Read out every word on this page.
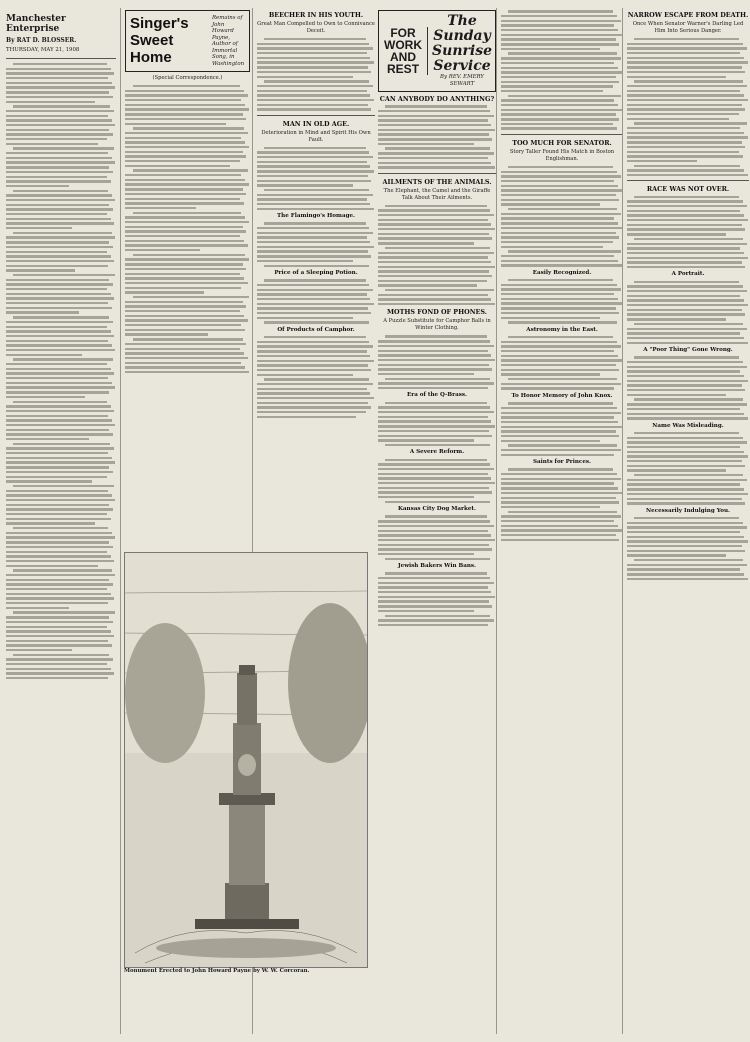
Manchester Enterprise
By RAT D. BLOSSER.
THURSDAY, MAY 21, 1908
Singer's Sweet Home
Remains of John Howard Payne, Author of Immortal Song, in Washington
(Special Correspondence.)
BEECHER IN HIS YOUTH.
Great Man Compelled to Own to Connivance Deceit.
MAN IN OLD AGE.
Deterioration in Mind and Spirit His Own Fault.
The Flamingo's Homage.
Price of a Sleeping Potion.
Of Products of Camphor.
Monument Erected to John Howard Payne by W. W. Corcoran.
FOR WORK AND REST
The Sunday Sunrise Service
By REV. EMERY SEWART
CAN ANYBODY DO ANYTHING?
AILMENTS OF THE ANIMALS.
The Elephant, the Camel and the Giraffe Talk About Their Ailments.
MOTHS FOND OF PHONES.
A Puzzle Substitute for Camphor Balls in Winter Clothing.
Era of the Q-Brass.
A Severe Reform.
Kansas City Dog Market.
Jewish Bakers Win Bans.
TOO MUCH FOR SENATOR.
Story Taller Found His Match in Boston Englishman.
Easily Recognized.
Astronomy in the East.
To Honor Memory of John Knox.
Saints for Princes.
NARROW ESCAPE FROM DEATH.
Once When Senator Warner's Darling Led Him Into Serious Danger.
RACE WAS NOT OVER.
A Portrait.
A "Poor Thing" Gone Wrong.
Name Was Misleading.
Necessarily Indulging You.
